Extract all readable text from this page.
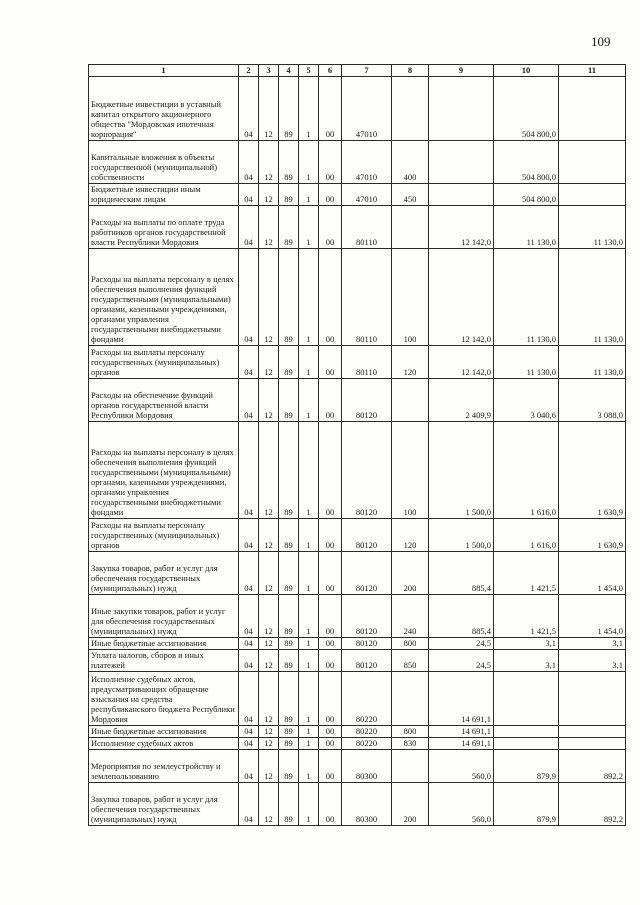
109
1	2	3	4	5	6	7	8	9	10	11
Бюджетные инвестиции в уставный капитал открытого акционерного общества "Мордовская ипотечная корпорация"	04	12	89	1	00	47010			504 800,0	
Капитальные вложения в объекты государственной (муниципальной) собственности	04	12	89	1	00	47010	400		504 800,0	
Бюджетные инвестиции иным юридическим лицам	04	12	89	1	00	47010	450		504 800,0	
Расходы на выплаты по оплате труда работников органов государственной власти Республики Мордовия	04	12	89	1	00	80110		12 142,0	11 130,0	11 130,0
Расходы на выплаты персоналу в целях обеспечения выполнения функций государственными (муниципальными) органами, казенными учреждениями, органами управления государственными внебюджетными фондами	04	12	89	1	00	80110	100	12 142,0	11 130,0	11 130,0
Расходы на выплаты персоналу государственных (муниципальных) органов	04	12	89	1	00	80110	120	12 142,0	11 130,0	11 130,0
Расходы на обеспечение функций органов государственной власти Республики Мордовия	04	12	89	1	00	80120		2 409,9	3 040,6	3 088,0
Расходы на выплаты персоналу в целях обеспечения выполнения функций государственными (муниципальными) органами, казенными учреждениями, органами управления государственными внебюджетными фондами	04	12	89	1	00	80120	100	1 500,0	1 616,0	1 630,9
Расходы на выплаты персоналу государственных (муниципальных) органов	04	12	89	1	00	80120	120	1 500,0	1 616,0	1 630,9
Закупка товаров, работ и услуг для обеспечения государственных (муниципальных) нужд	04	12	89	1	00	80120	200	885,4	1 421,5	1 454,0
Иные закупки товаров, работ и услуг для обеспечения государственных (муниципальных) нужд	04	12	89	1	00	80120	240	885,4	1 421,5	1 454,0
Иные бюджетные ассигнования	04	12	89	1	00	80120	800	24,5	3,1	3,1
Уплата налогов, сборов и иных платежей	04	12	89	1	00	80120	850	24,5	3,1	3,1
Исполнение судебных актов, предусматривающих обращение взыскания на средства республиканского бюджета Республики Мордовия	04	12	89	1	00	80220		14 691,1		
Иные бюджетные ассигнования	04	12	89	1	00	80220	800	14 691,1		
Исполнение судебных актов	04	12	89	1	00	80220	830	14 691,1		
Мероприятия по землеустройству и землепользованию	04	12	89	1	00	80300		560,0	879,9	892,2
Закупка товаров, работ и услуг для обеспечения государственных (муниципальных) нужд	04	12	89	1	00	80300	200	560,0	879,9	892,2
